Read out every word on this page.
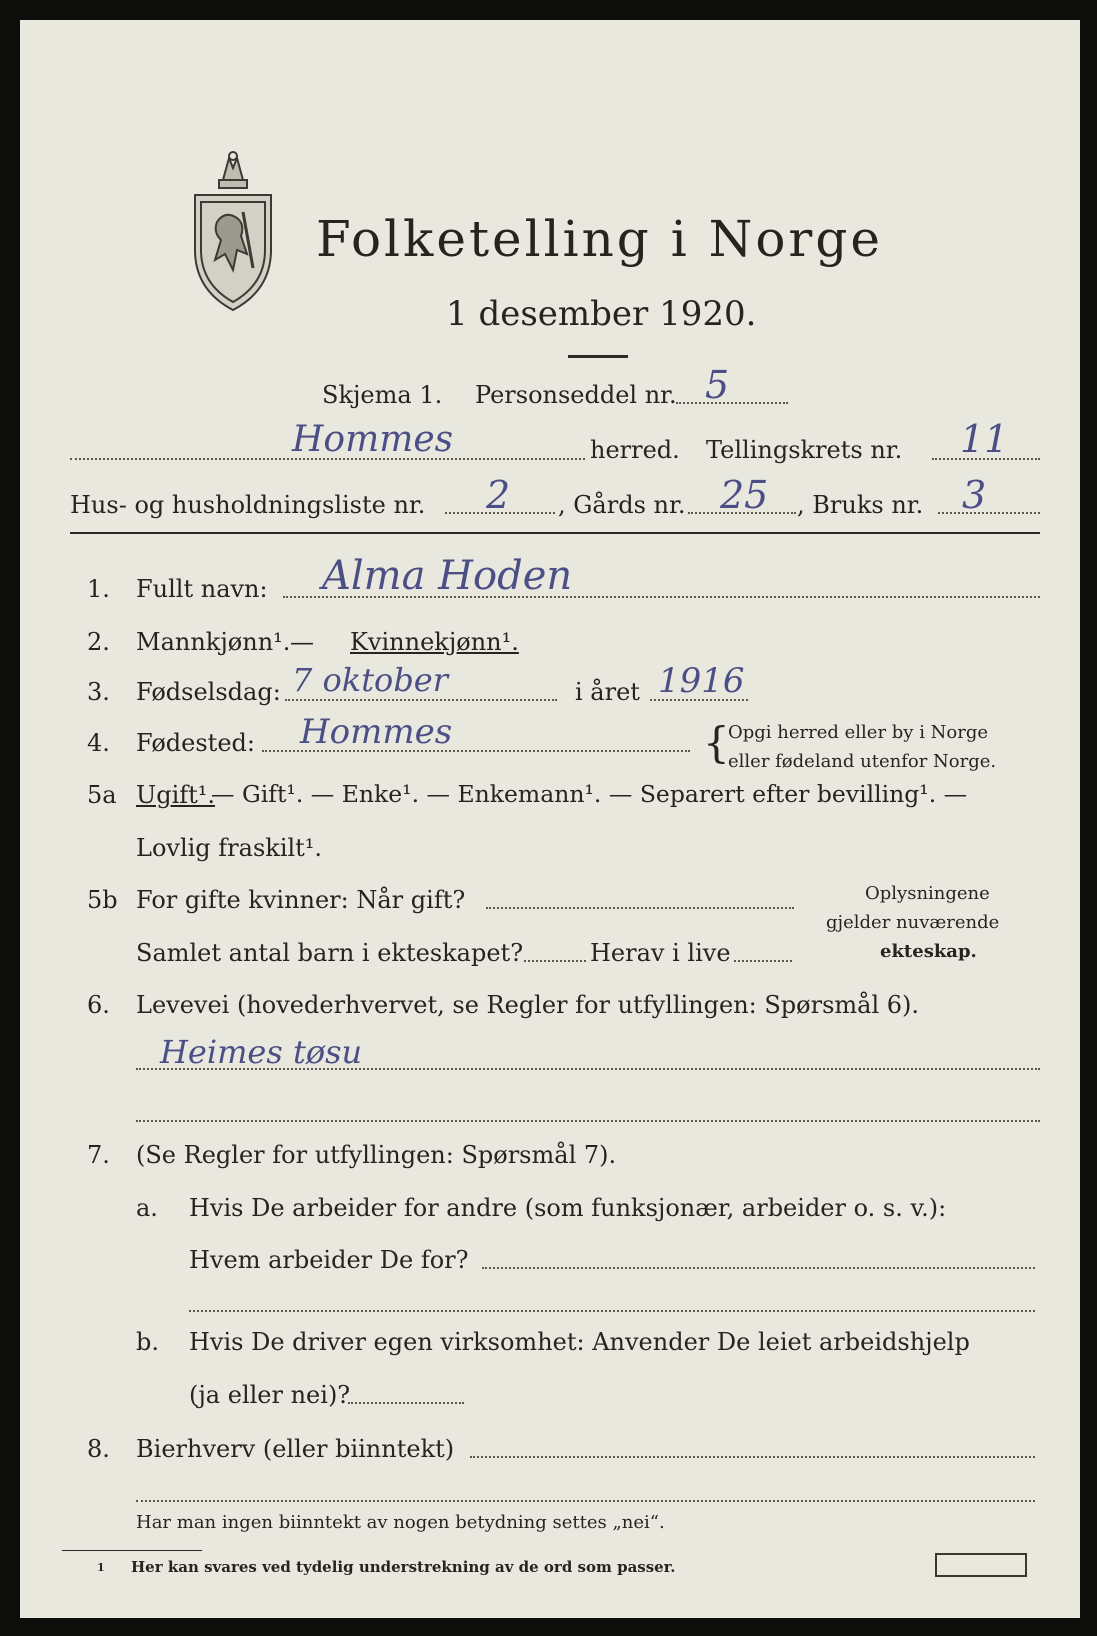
Folketelling i Norge
1 desember 1920.
Skjema 1. Personseddel nr. 5
Hommes	herred. Tellingskrets nr. 11
Hus- og husholdningsliste nr. 2 , Gårds nr. 25 , Bruks nr. 3
1. Fullt navn: Alma Hoden
2. Mannkjønn¹. — Kvinnekjønn¹.
3. Fødselsdag: 7 oktober	i året 1916
4. Fødested: Hommes	{
Opgi herred eller by i Norge
eller fødeland utenfor Norge.
5a Ugift¹.
— Gift¹. — Enke¹. — Enkemann¹. — Separert efter bevilling¹. —
Lovlig fraskilt¹.
5b For gifte kvinner: Når gift?
Samlet antal barn i ekteskapet?	Herav i live
Oplysningene
gjelder nuværende
ekteskap.
6. Levevei (hovederhvervet, se Regler for utfyllingen: Spørsmål 6).
Heimes tøsu
7. (Se Regler for utfyllingen: Spørsmål 7).
a. Hvis De arbeider for andre (som funksjonær, arbeider o. s. v.):
Hvem arbeider De for?
b. Hvis De driver egen virksomhet: Anvender De leiet arbeidshjelp
(ja eller nei)?
8. Bierhverv (eller biinntekt)
Har man ingen biinntekt av nogen betydning settes „nei“.
1 Her kan svares ved tydelig understrekning av de ord som passer.
